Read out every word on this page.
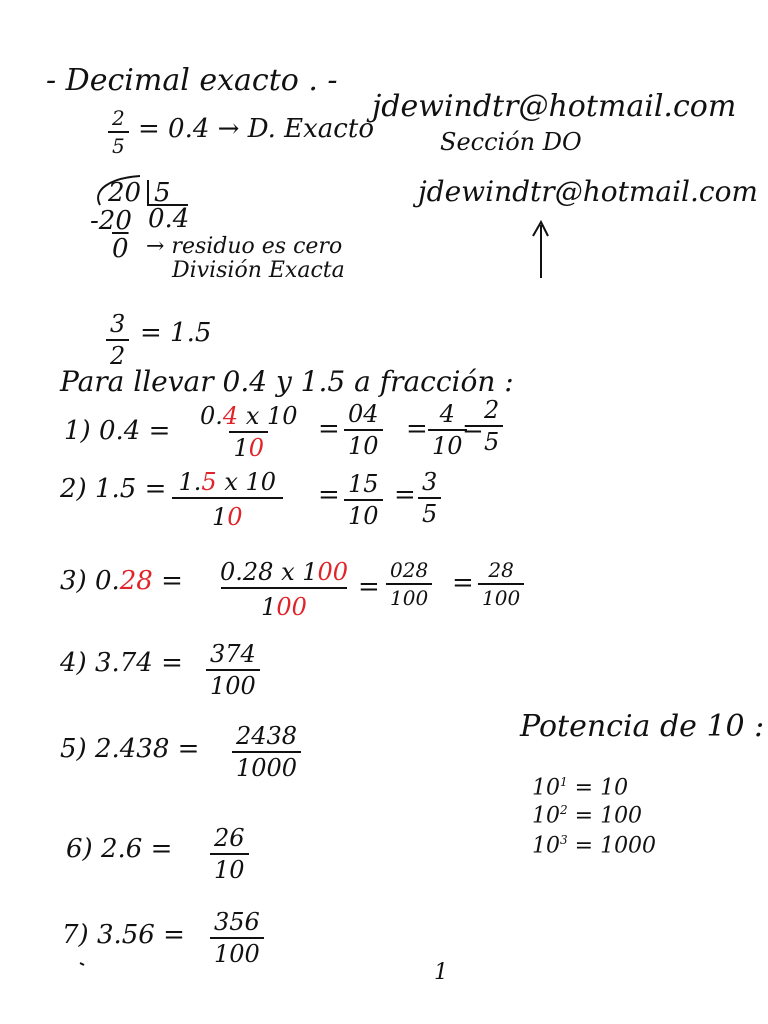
- Decimal exacto . -
$\frac{2}{5} = 0.4 \to D$. Exacto
jdewindtr@hotmail.com
Sección DO
jdewindtr@hotmail.com
20 5
-20 0.4
0 → residuo es cero
División Exacta
$\frac{3}{2} = 1.5$
Para llevar 0.4 y 1.5 a fracción :
1) $0.4 = \frac{0.4 x 10}{10} = \frac{04}{10} = \frac{4}{10}$
=
$\frac{2}{5}$
2) $1.5 = \frac{1.5 x 10}{10} = \frac{15}{10} = \frac{3}{5}$
3) $0.28 = \frac{0.28 x 100}{100} = \frac{028}{100} = \frac{28}{100}$
4) $3.74 = \frac{374}{100}$
5) $2.438 = \frac{2438}{1000}$
6) $2.6 = \frac{26}{10}$
7) $3.56 = \frac{356}{100}$
Potencia de 10 :
$10^1 = 10$
$10^2 = 100$
$10^3 = 1000$
1
